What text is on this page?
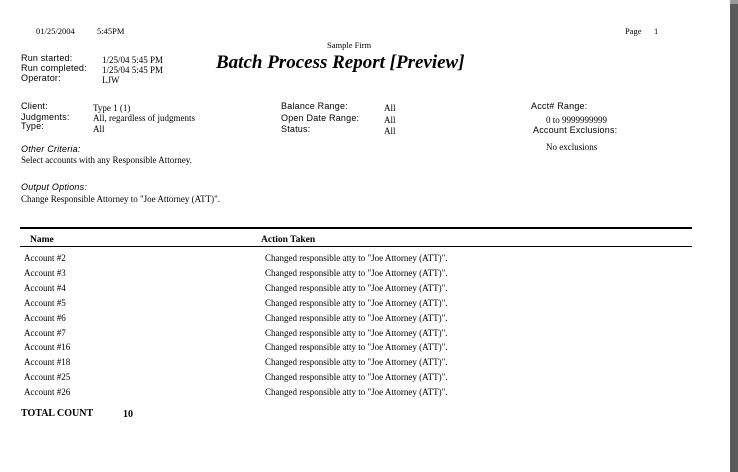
01/25/2004	5:45PM	Page 1
Sample Firm
Run started:	1/25/04 5:45 PM
Run completed: 1/25/04 5:45 PM
Operator:	LJW
Batch Process Report [Preview]
Client:	Type 1 (1)
Judgments:	All, regardless of judgments
Type:	All
Balance Range:	All
Open Date Range:	All
Status:	All
Acct# Range:
0 to 9999999999
Account Exclusions:
No exclusions
Other Criteria:
Select accounts with any Responsible Attorney.
Output Options:
Change Responsible Attorney to "Joe Attorney (ATT)".
Name	Action Taken
Account #2	Changed responsible atty to "Joe Attorney (ATT)".
Account #3	Changed responsible atty to "Joe Attorney (ATT)".
Account #4	Changed responsible atty to "Joe Attorney (ATT)".
Account #5	Changed responsible atty to "Joe Attorney (ATT)".
Account #6	Changed responsible atty to "Joe Attorney (ATT)".
Account #7	Changed responsible atty to "Joe Attorney (ATT)".
Account #16	Changed responsible atty to "Joe Attorney (ATT)".
Account #18	Changed responsible atty to "Joe Attorney (ATT)".
Account #25	Changed responsible atty to "Joe Attorney (ATT)".
Account #26	Changed responsible atty to "Joe Attorney (ATT)".
TOTAL COUNT	10
